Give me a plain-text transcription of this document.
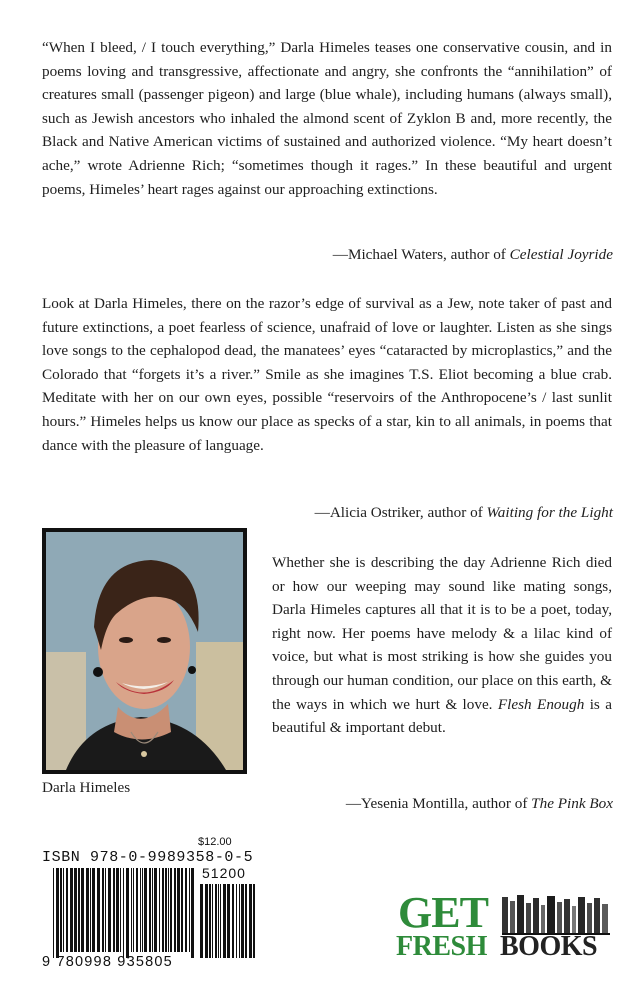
“When I bleed, / I touch everything,” Darla Himeles teases one conservative cousin, and in poems loving and transgressive, affectionate and angry, she confronts the “annihilation” of creatures small (passenger pigeon) and large (blue whale), including humans (always small), such as Jewish ancestors who inhaled the almond scent of Zyklon B and, more recently, the Black and Native American victims of sustained and authorized violence. “My heart doesn’t ache,” wrote Adrienne Rich; “sometimes though it rages.” In these beautiful and urgent poems, Himeles’ heart rages against our approaching extinctions.
—Michael Waters, author of Celestial Joyride
Look at Darla Himeles, there on the razor’s edge of survival as a Jew, note taker of past and future extinctions, a poet fearless of science, unafraid of love or laughter. Listen as she sings love songs to the cephalopod dead, the manatees’ eyes “cataracted by microplastics,” and the Colorado that “forgets it’s a river.” Smile as she imagines T.S. Eliot becoming a blue crab. Meditate with her on our own eyes, possible “reservoirs of the Anthropocene’s / last sunlit hours.” Himeles helps us know our place as specks of a star, kin to all animals, in poems that dance with the pleasure of language.
—Alicia Ostriker, author of Waiting for the Light
Darla Himeles
Whether she is describing the day Adrienne Rich died or how our weeping may sound like mating songs, Darla Himeles captures all that it is to be a poet, today, right now. Her poems have melody & a lilac kind of voice, but what is most striking is how she guides you through our human condition, our place on this earth, & the ways in which we hurt & love. Flesh Enough is a beautiful & important debut.
—Yesenia Montilla, author of The Pink Box
$12.00
ISBN 978-0-9989358-0-5
51200
9 780998 935805
GET
FRESH BOOKS
